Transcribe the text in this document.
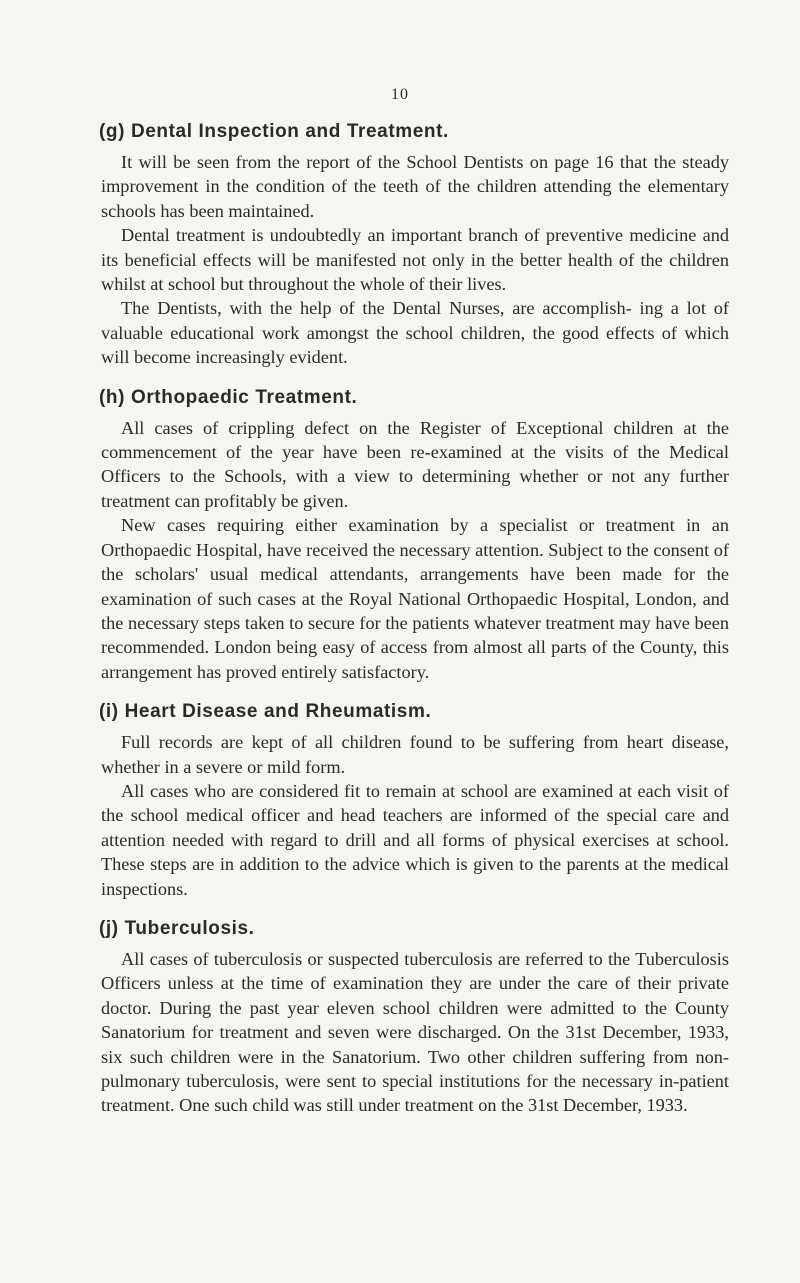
10
(g) Dental Inspection and Treatment.

It will be seen from the report of the School Dentists on page 16 that the steady improvement in the condition of the teeth of the children attending the elementary schools has been maintained.

Dental treatment is undoubtedly an important branch of preventive medicine and its beneficial effects will be manifested not only in the better health of the children whilst at school but throughout the whole of their lives.

The Dentists, with the help of the Dental Nurses, are accomplish- ing a lot of valuable educational work amongst the school children, the good effects of which will become increasingly evident.

(h) Orthopaedic Treatment.

All cases of crippling defect on the Register of Exceptional children at the commencement of the year have been re-examined at the visits of the Medical Officers to the Schools, with a view to determining whether or not any further treatment can profitably be given.

New cases requiring either examination by a specialist or treatment in an Orthopaedic Hospital, have received the necessary attention. Subject to the consent of the scholars' usual medical attendants, arrangements have been made for the examination of such cases at the Royal National Orthopaedic Hospital, London, and the necessary steps taken to secure for the patients whatever treatment may have been recommended. London being easy of access from almost all parts of the County, this arrangement has proved entirely satisfactory.

(i) Heart Disease and Rheumatism.

Full records are kept of all children found to be suffering from heart disease, whether in a severe or mild form.

All cases who are considered fit to remain at school are examined at each visit of the school medical officer and head teachers are informed of the special care and attention needed with regard to drill and all forms of physical exercises at school. These steps are in addition to the advice which is given to the parents at the medical inspections.

(j) Tuberculosis.

All cases of tuberculosis or suspected tuberculosis are referred to the Tuberculosis Officers unless at the time of examination they are under the care of their private doctor. During the past year eleven school children were admitted to the County Sanatorium for treatment and seven were discharged. On the 31st December, 1933, six such children were in the Sanatorium. Two other children suffering from non-pulmonary tuberculosis, were sent to special institutions for the necessary in-patient treatment. One such child was still under treatment on the 31st December, 1933.
